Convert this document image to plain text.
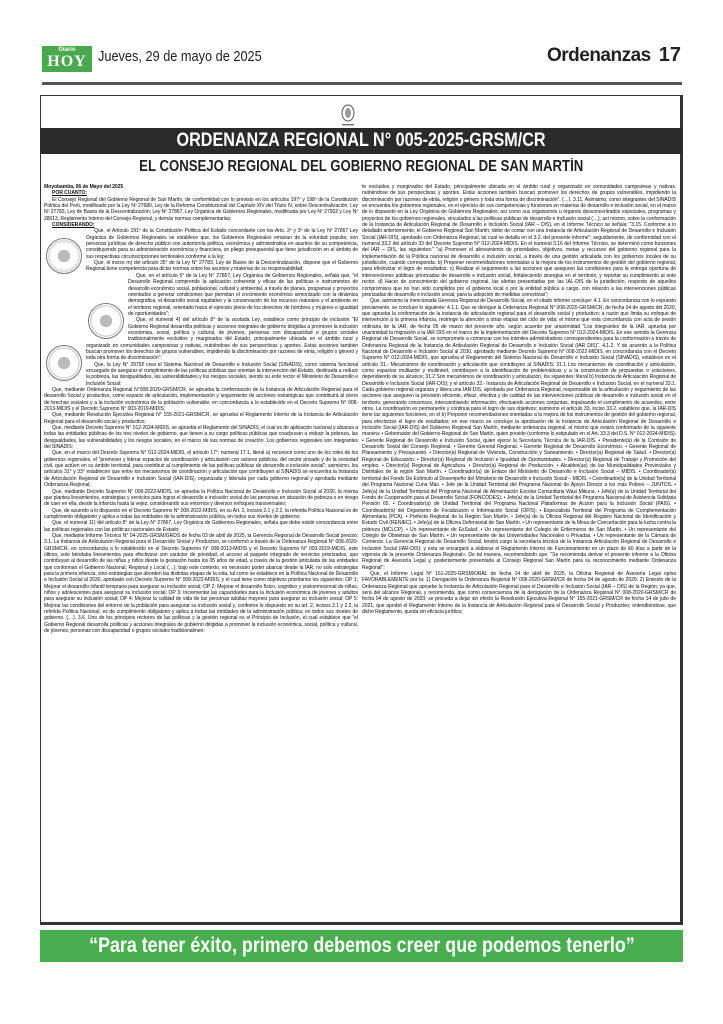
Diario
HOY Jueves, 29 de mayo de 2025	Ordenanzas 17
ORDENANZA REGIONAL N° 005-2025-GRSM/CR
EL CONSEJO REGIONAL DEL GOBIERNO REGIONAL DE SAN MARTÍN

Moyobamba, 06 de Mayo del 2025

POR CUANTO:

El Consejo Regional del Gobierno Regional de San Martín, de conformidad con lo previsto en los artículos 197º y 198º de la Constitución Política del Perú, modificado por la Ley Nº 27680, Ley de la Reforma Constitucional del Capítulo XIV del Título IV, sobre Descentralización; Ley Nº 27783, Ley de Bases de la Descentralización; Ley Nº 27867, Ley Orgánica de Gobiernos Regionales, modificada por Ley Nº 27902 y Ley Nº 28013, Reglamento Interno del Consejo Regional, y demás normas complementarias;

CONSIDERANDO:

Que, el Artículo 191º de la Constitución Política del Estado concordante con los Arts. 2º y 3º de la Ley Nº 27867 Ley Orgánica de Gobiernos Regionales se establece que, los Gobiernos Regionales emanan de la voluntad popular, son personas jurídicas de derecho público con autonomía política, económica y administrativa en asuntos de su competencia, constituyendo para su administración económica y financiera, un pliego presupuestal que tiene jurisdicción en el ámbito de sus respectivas circunscripciones territoriales conforme a la ley;

Que, el inciso m) del artículo 35° de la Ley N° 27783, Ley de Bases de la Descentralización, dispone que el Gobierno Regional tiene competencia para dictar normas sobre los asuntos y materias de su responsabilidad;

Que, en el artículo 6° de la Ley N° 27867, Ley Orgánica de Gobiernos Regionales, señala que, "el Desarrollo Regional comprende la aplicación coherente y eficaz de las políticas e instrumentos de desarrollo económico social, poblacional, cultural y ambiental, a través de planes, programas y proyectos orientados a generar condiciones que permitan el crecimiento económico armonizado con la dinámica demográfica, el desarrollo social equitativo y la conservación de los recursos naturales y el ambiente en el territorio regional, orientado hacia el ejercicio pleno de los derechos de hombres y mujeres e igualdad de oportunidades";

Que, el numeral 4) del artículo 8° de la acotada Ley, establece como principio de inclusión "El Gobierno Regional desarrolla políticas y acciones integrales de gobierno dirigidas a promover la inclusión económica, social, política y cultural, de jóvenes, personas con discapacidad o grupos sociales tradicionalmente excluidos y marginados del Estado, principalmente ubicada en el ámbito rural y organizado en comunidades campesinas y nativas, nutriéndose de sus perspectivas y aportes. Estas acciones también buscan promover los derechos de grupos vulnerables, impidiendo la discriminación por razones de etnia, religión o género y toda otra forma de discriminación";

Que, la Ley N° 29792 crea el Sistema Nacional de Desarrollo e Inclusión Social (SINADIS), como sistema funcional encargado de asegurar el cumplimiento de las políticas públicas que orientan la intervención del Estado, destinada a reducir la pobreza, las desigualdades, las vulnerabilidades y los riesgos sociales, siendo su ente rector el Ministerio de Desarrollo e Inclusión Social;

Que, mediante Ordenanza Regional N°008-2020-GRSM/CR, se aprueba la conformación de la Instancia de Articulación Regional para el desarrollo Social y productivo, como espacio de articulación, implementación y seguimiento de acciones estratégicas que contribuirá al cierre de brechas sociales y a la inclusión económica de la población vulnerable; en concordancia a lo establecido en el Decreto Supremo N° 008-2013-MIDIS y el Decreto Supremo N° 003-2019-MIDIS;

Que, mediante Resolución Ejecutiva Regional N° 155-2021-GRSM/CR, se aprueba el Reglamento Interno de la Instancia de Articulación Regional para el desarrollo social y productivo;

Que, mediante Decreto Supremo N° 012-2024-MIDIS, se aprueba el Reglamento del SINADIS, el cual es de aplicación nacional y alcanza a todas las entidades públicas de los tres niveles de gobierno, que tienen a su cargo políticas públicas que coadyuvan a reducir la pobreza, las desigualdades, las vulnerabilidades y los riesgos sociales, en el marco de sus normas de creación. Los gobiernos regionales son integrantes del SINADIS;

Que, en el marco del Decreto Supremo N° 012-2024-MIDIS, el artículo 17°, numeral 17.1, literal a) reconoce como uno de los roles de los gobiernos regionales, el "promover y liderar espacios de coordinación y articulación con actores públicos, del sector privado y de la sociedad civil, que actúen en su ámbito territorial, para contribuir al cumplimiento de las políticas públicas de desarrollo e inclusión social"; asimismo, los artículos 31° y 33° establecen que entre los mecanismos de coordinación y articulación que contribuyen al SINADIS se encuentra la Instancia de Articulación Regional de Desarrollo e Inclusión Social (IAR-DIS), organizada y liderada por cada gobierno regional y aprobada mediante Ordenanza Regional;

Que, mediante Decreto Supremo N° 008-2022-MIDIS, se aprueba la Política Nacional de Desarrollo e Inclusión Social al 2030, la misma que plantea lineamientos, estrategias y servicios para lograr el desarrollo e inclusión social de las personas en situación de pobreza o en riesgo de caer en ella, desde la infancia hasta la vejez, considerando sus entornos y diversos enfoques transversales;

Que, de acuerdo a lo dispuesto en el Decreto Supremo N° 008-2022-MIDIS, en su Art. 2, incisos 2.1 y 2.2, la referida Política Nacional es de cumplimiento obligatorio y aplica a todas las entidades de la administración pública, en todos sus niveles de gobierno;

Que, el numeral 11) del artículo 8° de la Ley N° 27867, Ley Orgánica de Gobiernos Regionales, señala que debe existir concordancia entre las políticas regionales con las políticas nacionales de Estado;

Que, mediante Informe Técnico N° 04-2025-GRSM/GRDS de fecha 03 de abril de 2025, la Gerencia Regional de Desarrollo Social precisó: 3.1. La Instancia de Articulación Regional para el Desarrollo Social y Productivo, se conformó a través de la Ordenanza Regional N° 008-2020-GRSM/CR, en concordancia a lo establecido en el Decreto Supremo N° 008-2013-MIDIS y el Decreto Supremo N° 003-2019-MIDIS, este último, solo brindaba lineamientos para efectivizar con carácter de prioridad, el acceso al paquete integrado de servicios priorizados, que contribuyan al desarrollo de las niñas y niños desde la gestación hasta los 05 años de edad, a través de la gestión articulada de las entidades que conforman el Gobierno Nacional, Regional y Local (…); bajo este contexto, es necesario poder abarcar desde la IAR, no solo estrategias para la primera infancia, sino estrategias que aborden las distintas etapas de la vida, tal como se establece en la Política Nacional de Desarrollo e Inclusión Social al 2030, aprobado con Decreto Supremo N° 008-2022-MIDIS, y el cual tiene como objetivos prioritarios los siguientes: OP 1: Mejorar el desarrollo infantil temprano para asegurar su inclusión social; OP 2: Mejorar el desarrollo físico, cognitivo y socioemocional de niñas, niños y adolescentes para asegurar su inclusión social; OP 3: Incrementar las capacidades para la inclusión económica de jóvenes y adultos para asegurar su inclusión social; OP 4: Mejorar la calidad de vida de las personas adultas mayores para asegurar su inclusión social; OP 5: Mejorar las condiciones del entorno de la población para asegurar su inclusión social y, conforme lo dispuesto en su art. 2, incisos 2.1 y 2.2, la referida Política Nacional, es de cumplimiento obligatorio y aplica a todas las entidades de la administración pública, en todos sus niveles de gobierno. (…). 3.6. Uno de los principios rectores de las políticas y la gestión regional es el Principio de Inclusión, el cual establece que "el Gobierno Regional desarrolla políticas y acciones integrales de gobierno dirigidas a promover la inclusión económica, social, política y cultural, de jóvenes, personas con discapacidad o grupos sociales tradicionalmen-

te excluidos y marginados del Estado, principalmente ubicada en el ámbito rural y organizado en comunidades campesinas y nativas, nutriéndose de sus perspectivas y aportes. Estas acciones también buscan promover los derechos de grupos vulnerables, impidiendo la discriminación por razones de etnia, religión o género y toda otra forma de discriminación". (…). 3.11. Asimismo, como integrantes del SINADIS se encuentra los gobiernos regionales, en el ejercicio de sus competencias y funciones en materias de desarrollo e inclusión social, en el marco de lo dispuesto en la Ley Orgánica de Gobiernos Regionales; así como sus organismos u órganos desconcentrados especiales, programas y proyectos de los gobiernos regionales, vinculados a las políticas públicas de desarrollo e inclusión social (…); así mismo, sobre la conformación de la Instancia de Articulación Regional de Desarrollo e Inclusión Social (IAR – DIS), en el Informe Técnico se señala: "3.15. Conforme a lo detallado anteriormente, el Gobierno Regional San Martín, debe de contar con una Instancia de Articulación Regional de Desarrollo e Inclusión Social (IAR-DIS), aprobado con Ordenanza Regional, tal cual se detalla en el 3.2. del presente informe"; seguidamente, de conformidad con el numeral 33.2 del artículo 33 del Decreto Supremo N° 012-2024-MIDIS. En el numeral 3.16 del Informe Técnico, se determinó como funciones del IAR – DIS, las siguientes:" "a) Promover el alineamiento de prioridades, objetivos, metas y recursos del gobierno regional para la implementación de la Política nacional de desarrollo e inclusión social, a través de una gestión articulada con los gobiernos locales de su jurisdicción, cuando corresponda. b) Proponer recomendaciones orientadas a la mejora de los instrumentos de gestión del gobierno regional, para efectivizar el logro de resultados. c) Realizar el seguimiento a las acciones que aseguren las condiciones para la entrega oportuna de intervenciones públicas priorizadas de desarrollo e inclusión social, fortaleciendo sinergias en el territorio; y reportar su cumplimiento al ente rector. d) Hacer de conocimiento del gobierno regional, las alertas presentadas por las IAL-DIS de la jurisdicción, respecto de aquellos compromisos que no han sido cumplidos por el gobierno local o por la entidad pública a cargo, con relación a las intervenciones públicas priorizadas de desarrollo e inclusión social, para la adopción de medidas correctivas";

Que, asimismo la mencionada Gerencia Regional de Desarrollo Social, en el citado informe concluye: 4.1. En concordancia con lo expuesto previamente, se concluye lo siguiente: 4.1.1. Que se derogue la Ordenanza Regional N° 008-2020-GRSM/CR, de fecha 04 de agosto del 2020, que aprueba la conformación de la instancia de articulación regional para el desarrollo social y productivo; a razón que limita su enfoque de intervención a la primera infancia, restringe la atención a otras etapas del ciclo de vida; el mismo que esta concordancia con acta de sesión ordinaria de la IAR, de fecha 05 de marzo del presente año, según acuerdo por unanimidad "Los integrantes de la IAR, aprueba por unanimidad la migración a la IAR DIS en el marco de la implementación del Decreto Supremo N° 012-2024-MIDIS. En ese sentido la Gerencia Regional de Desarrollo Social, se compromete a comenzar con los trámites administrativos correspondientes para la conformación a través de Ordenanza Regional de la Instancia de Articulación Regional de Desarrollo e Inclusión Social (IAR DIS)". 4.1.2. Y de acuerdo a la Política Nacional de Desarrollo e Inclusión Social al 2030, aprobado mediante Decreto Supremo N° 008-2022-MIDIS, en concordancia con el Decreto Supremo N° 012-2024-MIDIS, que aprueba el Reglamento del Sistema Nacional de Desarrollo e Inclusión Social (SINADIS), establece en el artículo 31.- Mecanismos de coordinación y articulación que contribuyen al SINADIS; 31.1 Los mecanismos de coordinación y articulación, como espacios multiactor y multinivel, contribuyen a la identificación de problemáticas y a la construcción de propuestas o soluciones, dependiendo de su alcance; 31.2 Son mecanismos de coordinación y articulación, los siguientes: literal b) Instancia de Articulación Regional de Desarrollo e Inclusión Social (IAR-DIS); y el artículo 33.- Instancia de Articulación Regional de Desarrollo e Inclusión Social, en el numeral 33.1. Cada gobierno regional organiza y lidera una IAR-DIS, aprobada por Ordenanza Regional, responsable de la articulación y seguimiento de las acciones que aseguren la provisión eficiente, eficaz, efectiva y de calidad de las intervenciones públicas de desarrollo e inclusión social en el territorio, generando consensos, intercambiando información, efectuando acciones conjuntas, impulsando el cumplimiento de acuerdos, entre otros. La coordinación es permanente y continua para el logro de sus objetivos; asimismo el artículo 33, inciso 33.2. establece que, la IAR-DIS tiene las siguientes funciones, en el b) Proponer recomendaciones orientadas a la mejora de los instrumentos de gestión del gobierno regional, para efectivizar el logro de resultados; en ese marco se concluye la aprobación de la Instancia de Articulación Regional de Desarrollo e Inclusión Social (IAR-DIS) del Gobierno Regional San Martín, mediante ordenanza regional, el mismo que estará conformado de la siguiente manera: • Gobernador del Gobierno Regional de San Martín, quien preside (conforme lo estipulado en el Art. 33.3 del D.S. N° 012-2024-MIDIS). • Gerente Regional de Desarrollo e Inclusión Social, quien ejerce la Secretaría Técnica de la IAR-DIS. • Presidente(a) de la Comisión de Desarrollo Social del Consejo Regional. • Gerente General Regional. • Gerente Regional de Desarrollo Económico. • Gerente Regional de Planeamiento y Presupuesto. • Director(a) Regional de Vivienda, Construcción y Saneamiento. • Director(a) Regional de Salud. • Director(a) Regional de Educación. • Director(a) Regional de Inclusión e Igualdad de Oportunidades. • Director(a) Regional de Trabajo y Promoción del empleo. • Director(a) Regional de Agricultura. • Director(a) Regional de Producción. • Alcaldes(as) de las Municipalidades Provinciales y Distritales de la región San Martín. • Coordinador(a) de Enlace del Ministerio de Desarrollo e Inclusión Social – MIDIS. • Coordinador(a) territorial del Fondo De Estímulo al Desempeño del Ministerio de Desarrollo e Inclusión Social – MIDIS. • Coordinador(a) de la Unidad Territorial del Programa Nacional Cuna Más. • Jefe de la Unidad Territorial del Programa Nacional de Apoyo Directo a los más Pobres – JUNTOS. • Jefe(a) de la Unidad Territorial del Programa Nacional de Alimentación Escolar Comunitaria Wasi Mikuna. • Jefe(a) de la Unidad Territorial del Fondo de Cooperación para el Desarrollo Social (FONCODES). • Jefe(a) de la Unidad Territorial del Programa Nacional de Asistencia Solidaria Pensión 65. • Coordinador(a) de Unidad Territorial del Programa Nacional Plataformas de Acción para la Inclusión Social (PAIS). • Coordinador(a) del Organismo de Focalización e Información Social (OFIS). • Especialista Territorial del Programa de Complementación Alimentaria (PCA). • Prefecto Regional de la Región San Martín. • Jefe(a) de la Oficina Regional del Registro Nacional de Identificación y Estado Civil (RENIEC). • Jefe(a) de la Oficina Defensorial de San Martín. • Un representante de la Mesa de Concertación para la lucha contra la pobreza (MCLCP). • Un representante de EsSalud. • Un representante del Colegio de Enfermeros de San Martín. • Un representante del Colegio de Obstetras de San Martín. • Un representante de las Universidades Nacionales o Privadas. • Un representante de la Cámara de Comercio. La Gerencia Regional de Desarrollo Social, tendrá cargo la secretaría técnica de la Instancia Articulación Regional de Desarrollo e Inclusión Social (IAR-DIS); y esta se encargará a elaborar el Reglamento Interno de Funcionamiento en un plazo de 60 días a partir de la vigencia de la presente Ordenanza Regional». De tal manera, recomendando que: "Se recomienda derivar el presente informe a la Oficina Regional de Asesoría Legal y, posteriormente presentarla al Consejo Regional San Martín para su reconocimiento mediante Ordenanza Regional";

Que, el Informe Legal N° 161-2025-GRSM/ORAL de fecha 14 de abril de 2025, la Oficina Regional de Asesoría Legal opina FAVORABLEMENTE por la: 1) Derogación la Ordenanza Regional N° 008-2020-GRSM/CR de fecha 04 de agosto de 2020. 2) Emisión de la Ordenanza Regional que apruebe la Instancia de Articulación Regional para el Desarrollo e Inclusión Social (IAR – DIS) de la Región; ya que, será del alcance Regional, y recomienda, que como consecuencia de la derogación de la Ordenanza Regional N° 008-2020-GRSM/CR de fecha 04 de agosto de 2020; se proceda a dejar sin efecto la Resolución Ejecutiva Regional N° 155-2021-GRSM/CR de fecha 14 de julio de 2021, que aprobó el Reglamento Interno de la Instancia de Articulación Regional para el Desarrollo Social y Productivo; entendiéndose, que dicho Reglamento, queda sin eficacia jurídica;

“Para tener éxito, primero debemos creer que podemos tenerlo”
